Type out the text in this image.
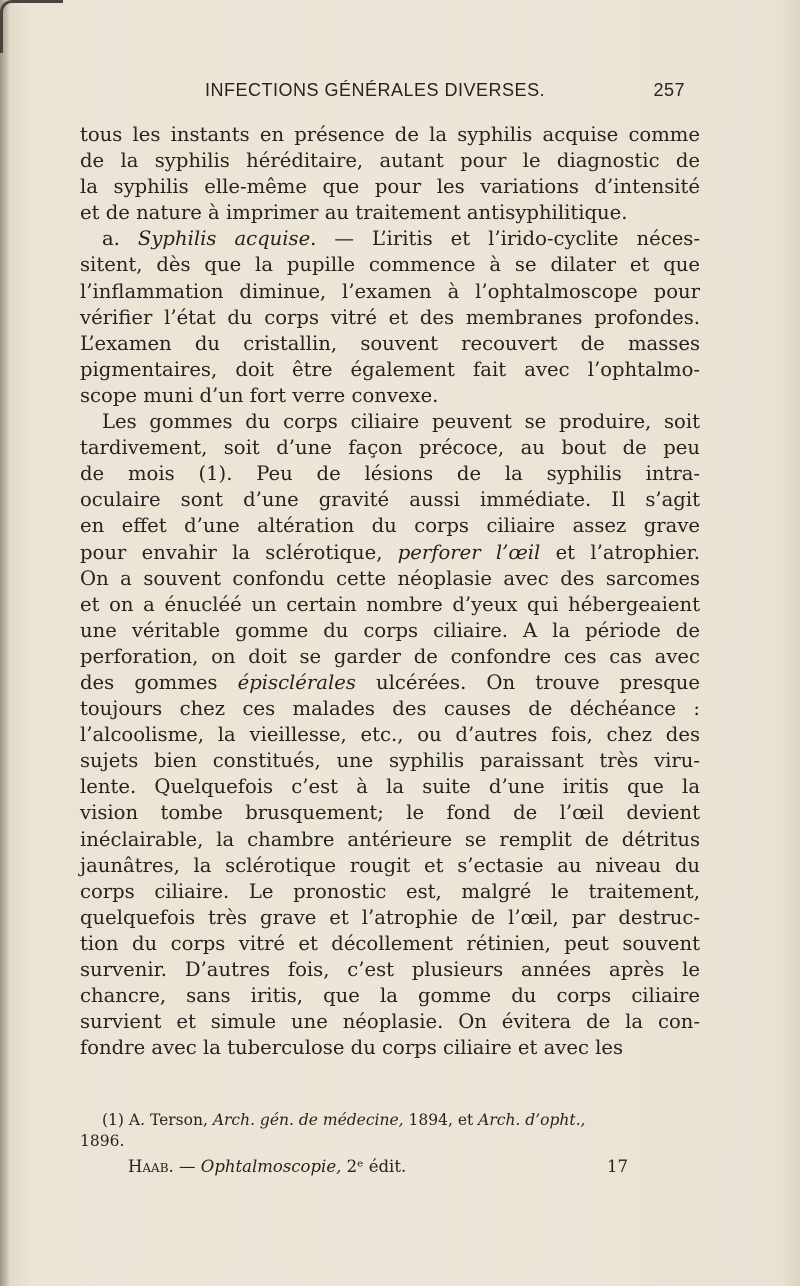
INFECTIONS GÉNÉRALES DIVERSES.	257
tous les instants en présence de la syphilis acquise comme
de la syphilis héréditaire, autant pour le diagnostic de
la syphilis elle-même que pour les variations d’intensité
et de nature à imprimer au traitement antisyphilitique.
a. Syphilis acquise. — L’iritis et l’irido-cyclite néces-
sitent, dès que la pupille commence à se dilater et que
l’inflammation diminue, l’examen à l’ophtalmoscope pour
vérifier l’état du corps vitré et des membranes profondes.
L’examen du cristallin, souvent recouvert de masses
pigmentaires, doit être également fait avec l’ophtalmo-
scope muni d’un fort verre convexe.
Les gommes du corps ciliaire peuvent se produire, soit
tardivement, soit d’une façon précoce, au bout de peu
de mois (1). Peu de lésions de la syphilis intra-
oculaire sont d’une gravité aussi immédiate. Il s’agit
en effet d’une altération du corps ciliaire assez grave
pour envahir la sclérotique, perforer l’œil et l’atrophier.
On a souvent confondu cette néoplasie avec des sarcomes
et on a énucléé un certain nombre d’yeux qui hébergeaient
une véritable gomme du corps ciliaire. A la période de
perforation, on doit se garder de confondre ces cas avec
des gommes épisclérales ulcérées. On trouve presque
toujours chez ces malades des causes de déchéance :
l’alcoolisme, la vieillesse, etc., ou d’autres fois, chez des
sujets bien constitués, une syphilis paraissant très viru-
lente. Quelquefois c’est à la suite d’une iritis que la
vision tombe brusquement; le fond de l’œil devient
inéclairable, la chambre antérieure se remplit de détritus
jaunâtres, la sclérotique rougit et s’ectasie au niveau du
corps ciliaire. Le pronostic est, malgré le traitement,
quelquefois très grave et l’atrophie de l’œil, par destruc-
tion du corps vitré et décollement rétinien, peut souvent
survenir. D’autres fois, c’est plusieurs années après le
chancre, sans iritis, que la gomme du corps ciliaire
survient et simule une néoplasie. On évitera de la con-
fondre avec la tuberculose du corps ciliaire et avec les
(1) A. Terson, Arch. gén. de médecine, 1894, et Arch. d’opht.,
1896.
Haab. — Ophtalmoscopie, 2ᵉ édit.	17
